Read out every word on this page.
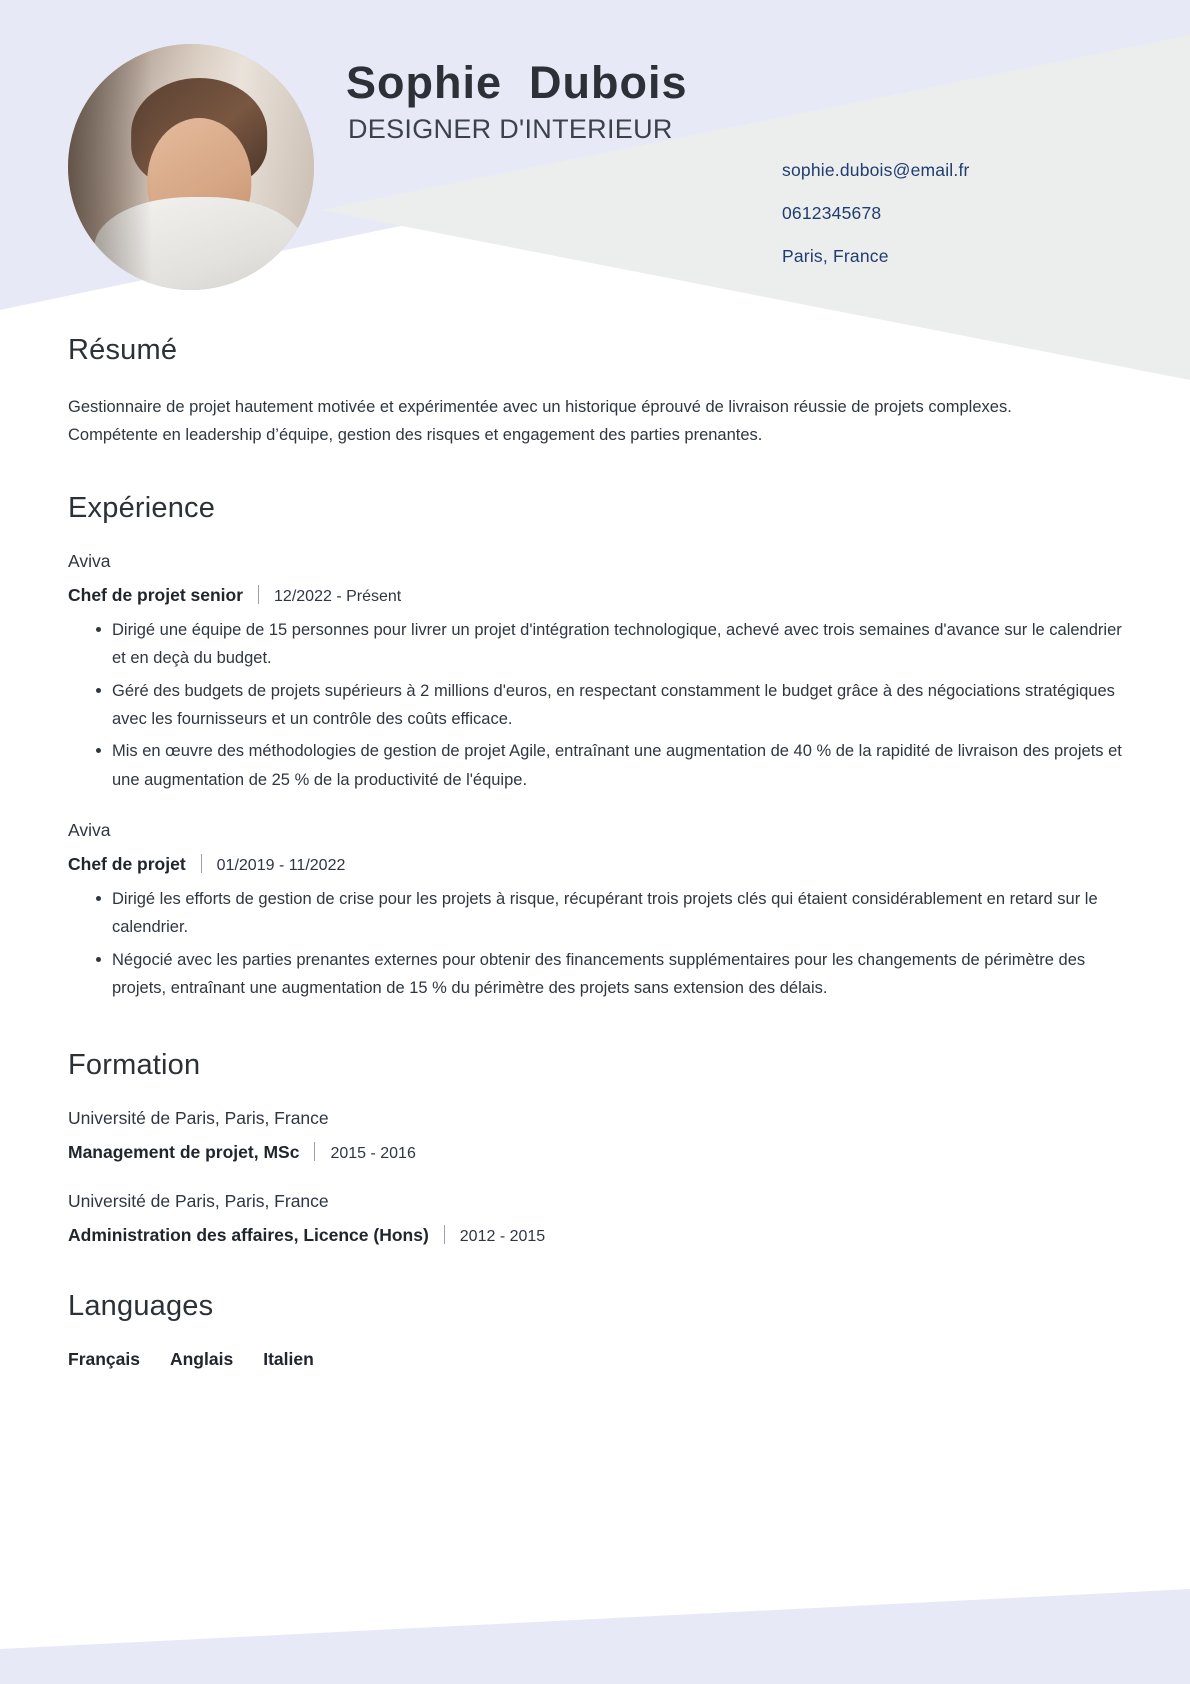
Sophie  Dubois
DESIGNER D'INTERIEUR
sophie.dubois@email.fr
0612345678
Paris, France
Résumé

Gestionnaire de projet hautement motivée et expérimentée avec un historique éprouvé de livraison réussie de projets complexes. Compétente en leadership d’équipe, gestion des risques et engagement des parties prenantes.

Expérience
Aviva
Chef de projet senior 12/2022 - Présent
Dirigé une équipe de 15 personnes pour livrer un projet d'intégration technologique, achevé avec trois semaines d'avance sur le calendrier et en deçà du budget.
Géré des budgets de projets supérieurs à 2 millions d'euros, en respectant constamment le budget grâce à des négociations stratégiques avec les fournisseurs et un contrôle des coûts efficace.
Mis en œuvre des méthodologies de gestion de projet Agile, entraînant une augmentation de 40 % de la rapidité de livraison des projets et une augmentation de 25 % de la productivité de l'équipe.
Aviva
Chef de projet 01/2019 - 11/2022
Dirigé les efforts de gestion de crise pour les projets à risque, récupérant trois projets clés qui étaient considérablement en retard sur le calendrier.
Négocié avec les parties prenantes externes pour obtenir des financements supplémentaires pour les changements de périmètre des projets, entraînant une augmentation de 15 % du périmètre des projets sans extension des délais.
Formation
Université de Paris, Paris, France
Management de projet, MSc 2015 - 2016
Université de Paris, Paris, France
Administration des affaires, Licence (Hons) 2012 - 2015
Languages
Français Anglais Italien
